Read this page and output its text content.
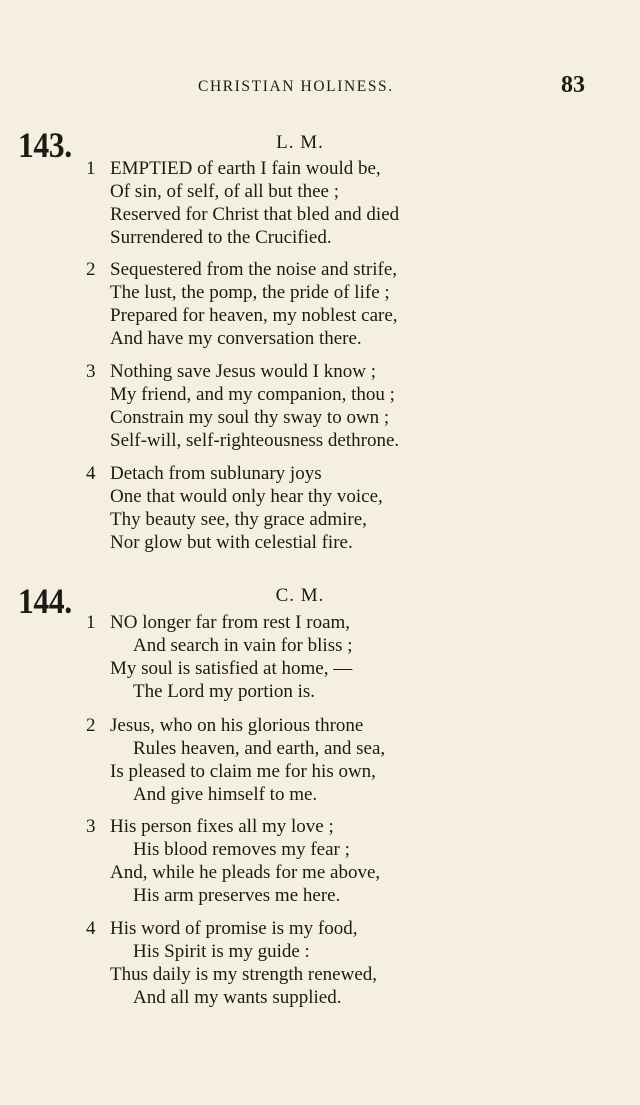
CHRISTIAN HOLINESS.	83
143.	L. M.
1 EMPTIED of earth I fain would be,
Of sin, of self, of all but thee ;
Reserved for Christ that bled and died
Surrendered to the Crucified.
2 Sequestered from the noise and strife,
The lust, the pomp, the pride of life ;
Prepared for heaven, my noblest care,
And have my conversation there.
3 Nothing save Jesus would I know ;
My friend, and my companion, thou ;
Constrain my soul thy sway to own ;
Self-will, self-righteousness dethrone.
4 Detach from sublunary joys
One that would only hear thy voice,
Thy beauty see, thy grace admire,
Nor glow but with celestial fire.
144.	C. M.
1 NO longer far from rest I roam,
And search in vain for bliss ;
My soul is satisfied at home, —
The Lord my portion is.
2 Jesus, who on his glorious throne
Rules heaven, and earth, and sea,
Is pleased to claim me for his own,
And give himself to me.
3 His person fixes all my love ;
His blood removes my fear ;
And, while he pleads for me above,
His arm preserves me here.
4 His word of promise is my food,
His Spirit is my guide :
Thus daily is my strength renewed,
And all my wants supplied.
